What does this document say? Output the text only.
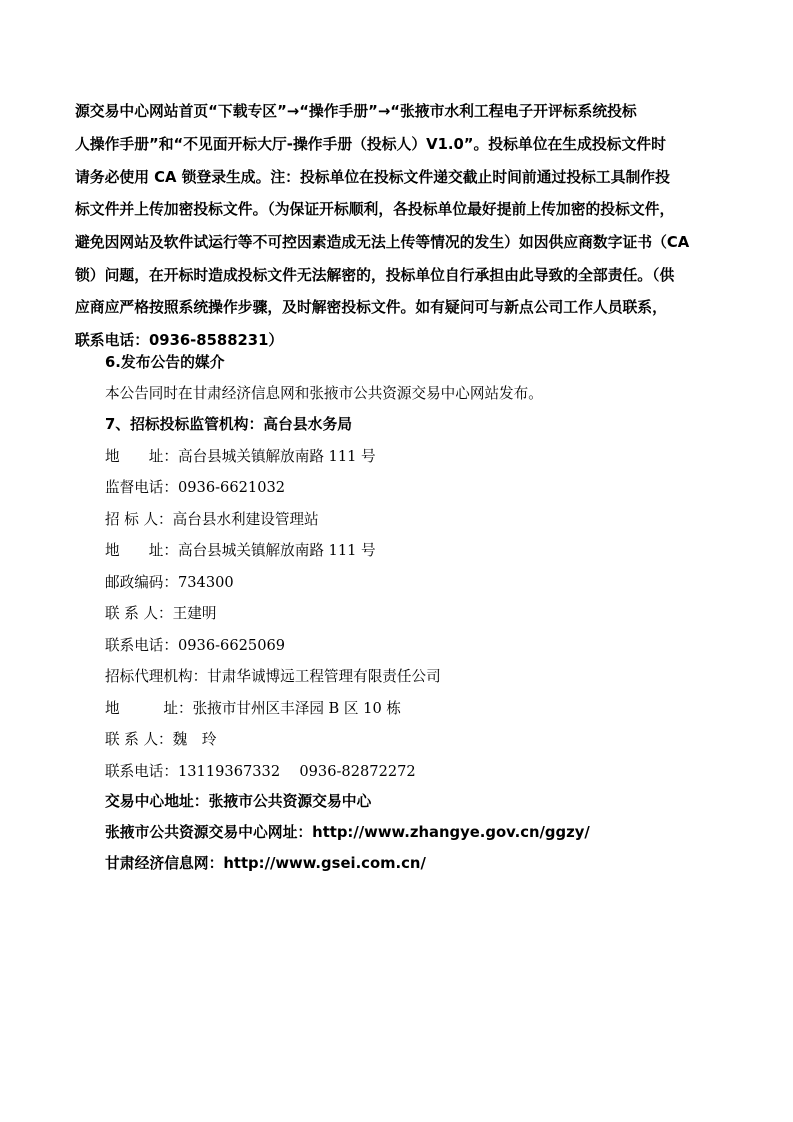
源交易中心网站首页“下载专区”→“操作手册”→“张掖市水利工程电子开评标系统投标
人操作手册”和“不见面开标大厅-操作手册（投标人）V1.0”。投标单位在生成投标文件时
请务必使用 CA 锁登录生成。注：投标单位在投标文件递交截止时间前通过投标工具制作投
标文件并上传加密投标文件。（为保证开标顺利，各投标单位最好提前上传加密的投标文件，
避免因网站及软件试运行等不可控因素造成无法上传等情况的发生）如因供应商数字证书（CA
锁）问题，在开标时造成投标文件无法解密的，投标单位自行承担由此导致的全部责任。（供
应商应严格按照系统操作步骤，及时解密投标文件。如有疑问可与新点公司工作人员联系，
联系电话：0936-8588231）
6.发布公告的媒介
本公告同时在甘肃经济信息网和张掖市公共资源交易中心网站发布。
7、招标投标监管机构：高台县水务局
地　　址：高台县城关镇解放南路 111 号
监督电话：0936-6621032
招 标 人：高台县水利建设管理站
地　　址：高台县城关镇解放南路 111 号
邮政编码：734300
联 系 人：王建明
联系电话：0936-6625069
招标代理机构：甘肃华诚博远工程管理有限责任公司
地　　　址：张掖市甘州区丰泽园 B 区 10 栋
联 系 人：魏　玲
联系电话：13119367332　 0936-82872272
交易中心地址：张掖市公共资源交易中心
张掖市公共资源交易中心网址：http://www.zhangye.gov.cn/ggzy/
甘肃经济信息网：http://www.gsei.com.cn/
